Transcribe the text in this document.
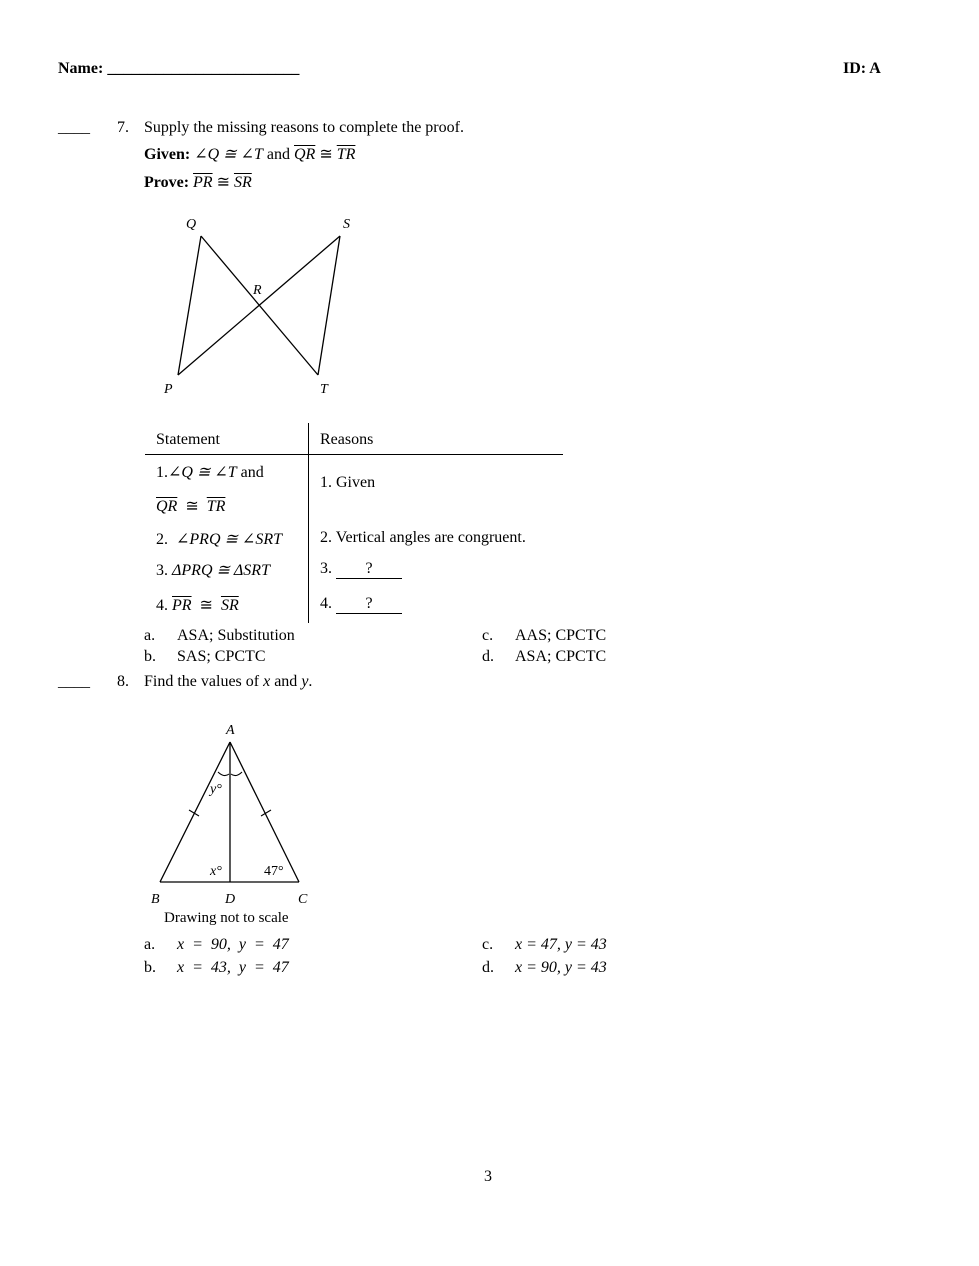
Name: ________________________	ID: A
____ 7. Supply the missing reasons to complete the proof.
Given: ∠Q ≅ ∠T and $\overline{QR}$ ≅ $\overline{TR}$
Prove: $\overline{PR}$ ≅ $\overline{SR}$
Q	S
R
P	T
Statement	Reasons
1.∠Q ≅ ∠T and
$\overline{QR}$ ≅ $\overline{TR}$
1. Given
2. ∠PRQ ≅ ∠SRT 2. Vertical angles are congruent.
3. ΔPRQ ≅ ΔSRT	3. ?
4. $\overline{PR}$ ≅ $\overline{SR}$	4. ?
a. ASA; Substitution
b. SAS; CPCTC
c. AAS; CPCTC
d. ASA; CPCTC
____ 8. Find the values of x and y.
A
B	D	C
y°
x°	47°
Drawing not to scale
a. x  =  90,  y  =  47
b. x  =  43,  y  =  47
c. x = 47, y = 43
d. x = 90, y = 43
3
